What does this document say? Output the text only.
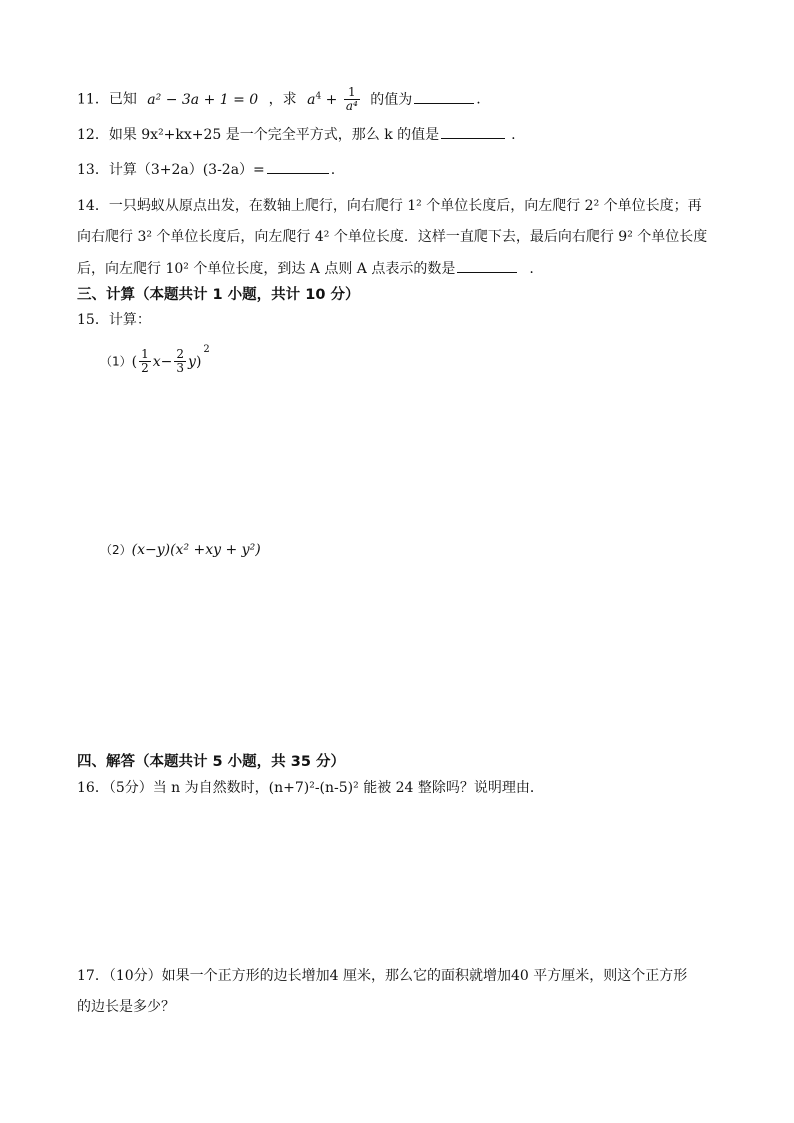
11．已知 a² − 3a + 1 = 0 ，求 $a^4 + \frac{1}{\text{a⁴}}$ 的值为	.
12．如果 9x²+kx+25 是一个完全平方式，那么 k 的值是	.
13．计算（3+2a）(3-2a）=	.
14．一只蚂蚁从原点出发，在数轴上爬行，向右爬行 1² 个单位长度后，向左爬行 2² 个单位长度；再
向右爬行 3² 个单位长度后，向左爬行 4² 个单位长度．这样一直爬下去，最后向右爬行 9² 个单位长度
后，向左爬行 10² 个单位长度，到达 A 点则 A 点表示的数是	.
三、计算（本题共计 1 小题，共计 10 分）
15．计算：
$(1)( \frac{1}{2} x- \frac{2}{3} y)^2$
（2）(x−y)(x² +xy + y²)
四、解答（本题共计 5 小题，共 35 分）
16．（5分）当 n 为自然数时，(n+7)²-(n-5)² 能被 24 整除吗？说明理由．
17．（10分）如果一个正方形的边长增加4 厘米，那么它的面积就增加40 平方厘米，则这个正方形
的边长是多少？
